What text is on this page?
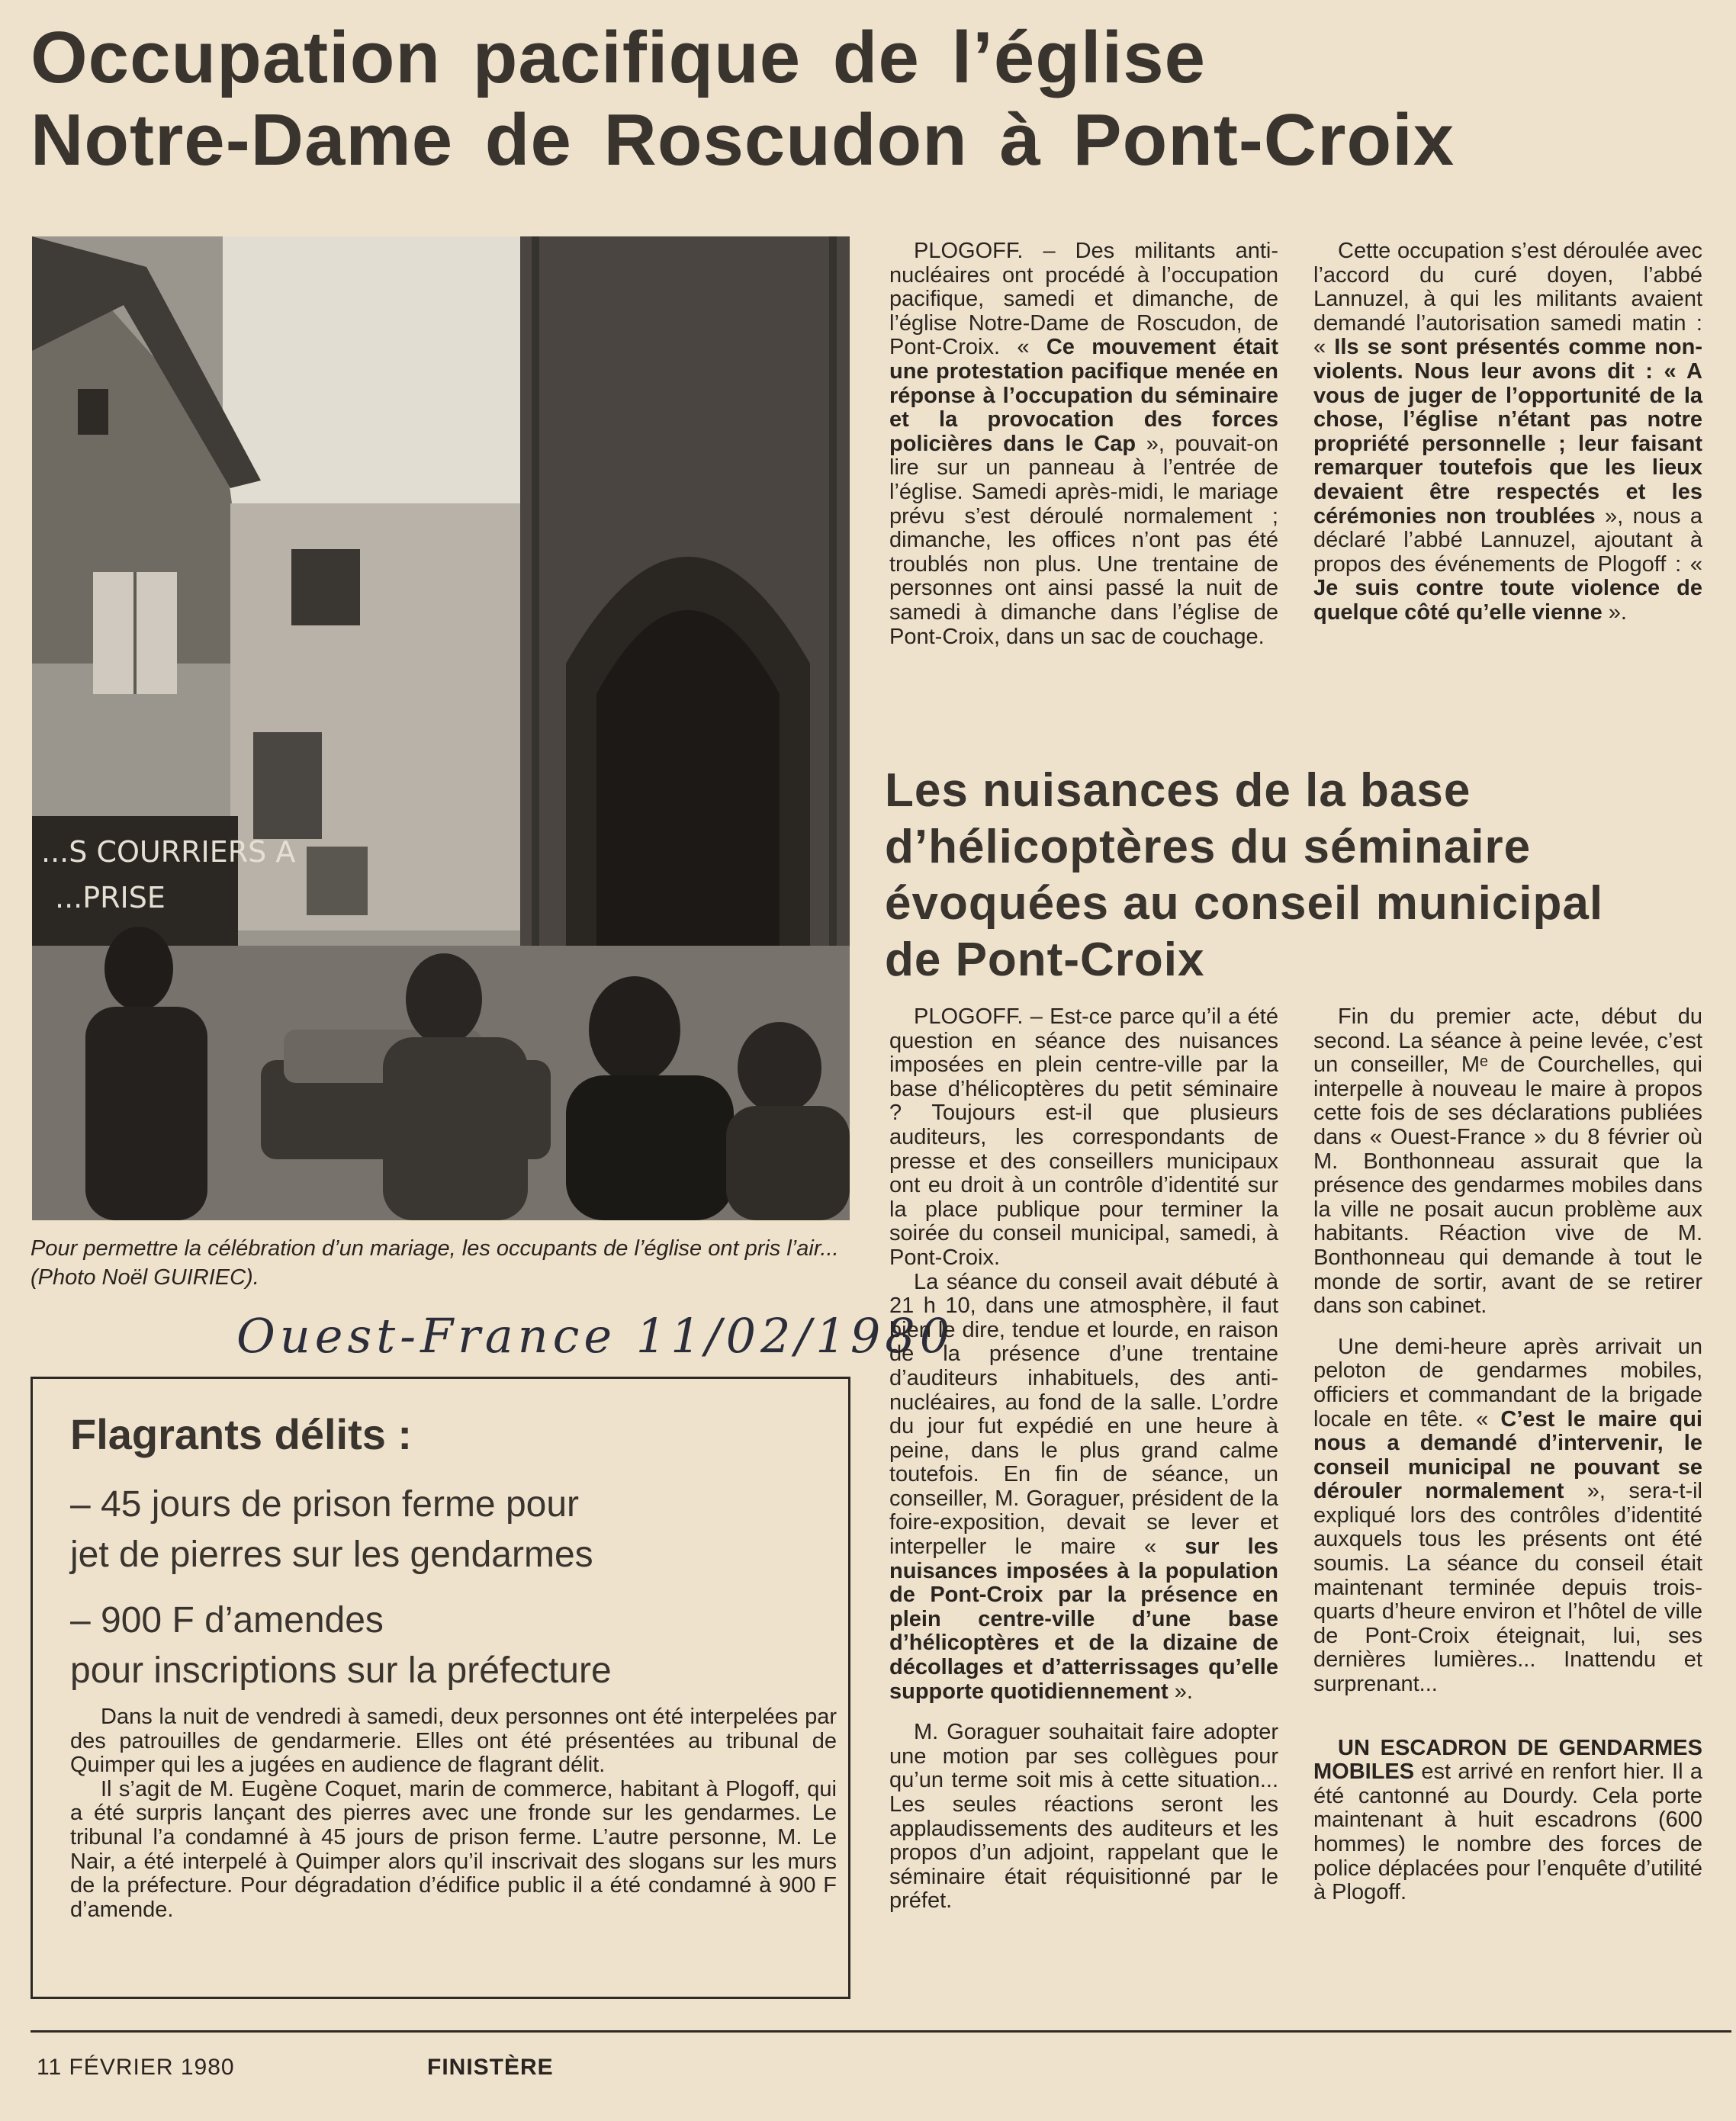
Occupation pacifique de l’église
Notre-Dame de Roscudon à Pont-Croix
...S COURRIERS A ...PRISE
Pour permettre la célébration d’un mariage, les occupants de l’église ont pris l’air... (Photo Noël GUIRIEC).
Ouest-France 11/02/1980

PLOGOFF. – Des militants anti-nucléaires ont procédé à l’occupation pacifique, samedi et dimanche, de l’église Notre-Dame de Roscudon, de Pont-Croix. « Ce mouvement était une protestation pacifique menée en réponse à l’occupation du séminaire et la provocation des forces policières dans le Cap », pouvait-on lire sur un panneau à l’entrée de l’église. Samedi après-midi, le mariage prévu s’est déroulé normalement ; dimanche, les offices n’ont pas été troublés non plus. Une trentaine de personnes ont ainsi passé la nuit de samedi à dimanche dans l’église de Pont-Croix, dans un sac de couchage.

Cette occupation s’est déroulée avec l’accord du curé doyen, l’abbé Lannuzel, à qui les militants avaient demandé l’autorisation samedi matin : « Ils se sont présentés comme non-violents. Nous leur avons dit : « A vous de juger de l’opportunité de la chose, l’église n’étant pas notre propriété personnelle ; leur faisant remarquer toutefois que les lieux devaient être respectés et les cérémonies non troublées », nous a déclaré l’abbé Lannuzel, ajoutant à propos des événements de Plogoff : « Je suis contre toute violence de quelque côté qu’elle vienne ».

Les nuisances de la base
d’hélicoptères du séminaire
évoquées au conseil municipal
de Pont-Croix

PLOGOFF. – Est-ce parce qu’il a été question en séance des nuisances imposées en plein centre-ville par la base d’hélicoptères du petit séminaire ? Toujours est-il que plusieurs auditeurs, les correspondants de presse et des conseillers municipaux ont eu droit à un contrôle d’identité sur la place publique pour terminer la soirée du conseil municipal, samedi, à Pont-Croix.

La séance du conseil avait débuté à 21 h 10, dans une atmosphère, il faut bien le dire, tendue et lourde, en raison de la présence d’une trentaine d’auditeurs inhabituels, des anti-nucléaires, au fond de la salle. L’ordre du jour fut expédié en une heure à peine, dans le plus grand calme toutefois. En fin de séance, un conseiller, M. Goraguer, président de la foire-exposition, devait se lever et interpeller le maire « sur les nuisances imposées à la population de Pont-Croix par la présence en plein centre-ville d’une base d’hélicoptères et de la dizaine de décollages et d’atterrissages qu’elle supporte quotidiennement ».

M. Goraguer souhaitait faire adopter une motion par ses collègues pour qu’un terme soit mis à cette situation... Les seules réactions seront les applaudissements des auditeurs et les propos d’un adjoint, rappelant que le séminaire était réquisitionné par le préfet.

Fin du premier acte, début du second. La séance à peine levée, c’est un conseiller, Mᵉ de Courchelles, qui interpelle à nouveau le maire à propos cette fois de ses déclarations publiées dans « Ouest-France » du 8 février où M. Bonthonneau assurait que la présence des gendarmes mobiles dans la ville ne posait aucun problème aux habitants. Réaction vive de M. Bonthonneau qui demande à tout le monde de sortir, avant de se retirer dans son cabinet.

Une demi-heure après arrivait un peloton de gendarmes mobiles, officiers et commandant de la brigade locale en tête. « C’est le maire qui nous a demandé d’intervenir, le conseil municipal ne pouvant se dérouler normalement », sera-t-il expliqué lors des contrôles d’identité auxquels tous les présents ont été soumis. La séance du conseil était maintenant terminée depuis trois-quarts d’heure environ et l’hôtel de ville de Pont-Croix éteignait, lui, ses dernières lumières... Inattendu et surprenant...

UN ESCADRON DE GENDARMES MOBILES est arrivé en renfort hier. Il a été cantonné au Dourdy. Cela porte maintenant à huit escadrons (600 hommes) le nombre des forces de police déplacées pour l’enquête d’utilité à Plogoff.

Flagrants délits :
– 45 jours de prison ferme pour
jet de pierres sur les gendarmes
– 900 F d’amendes
pour inscriptions sur la préfecture

Dans la nuit de vendredi à samedi, deux personnes ont été interpelées par des patrouilles de gendarmerie. Elles ont été présentées au tribunal de Quimper qui les a jugées en audience de flagrant délit.

Il s’agit de M. Eugène Coquet, marin de commerce, habitant à Plogoff, qui a été surpris lançant des pierres avec une fronde sur les gendarmes. Le tribunal l’a condamné à 45 jours de prison ferme. L’autre personne, M. Le Nair, a été interpelé à Quimper alors qu’il inscrivait des slogans sur les murs de la préfecture. Pour dégradation d’édifice public il a été condamné à 900 F d’amende.

11 FÉVRIER 1980	FINISTÈRE
